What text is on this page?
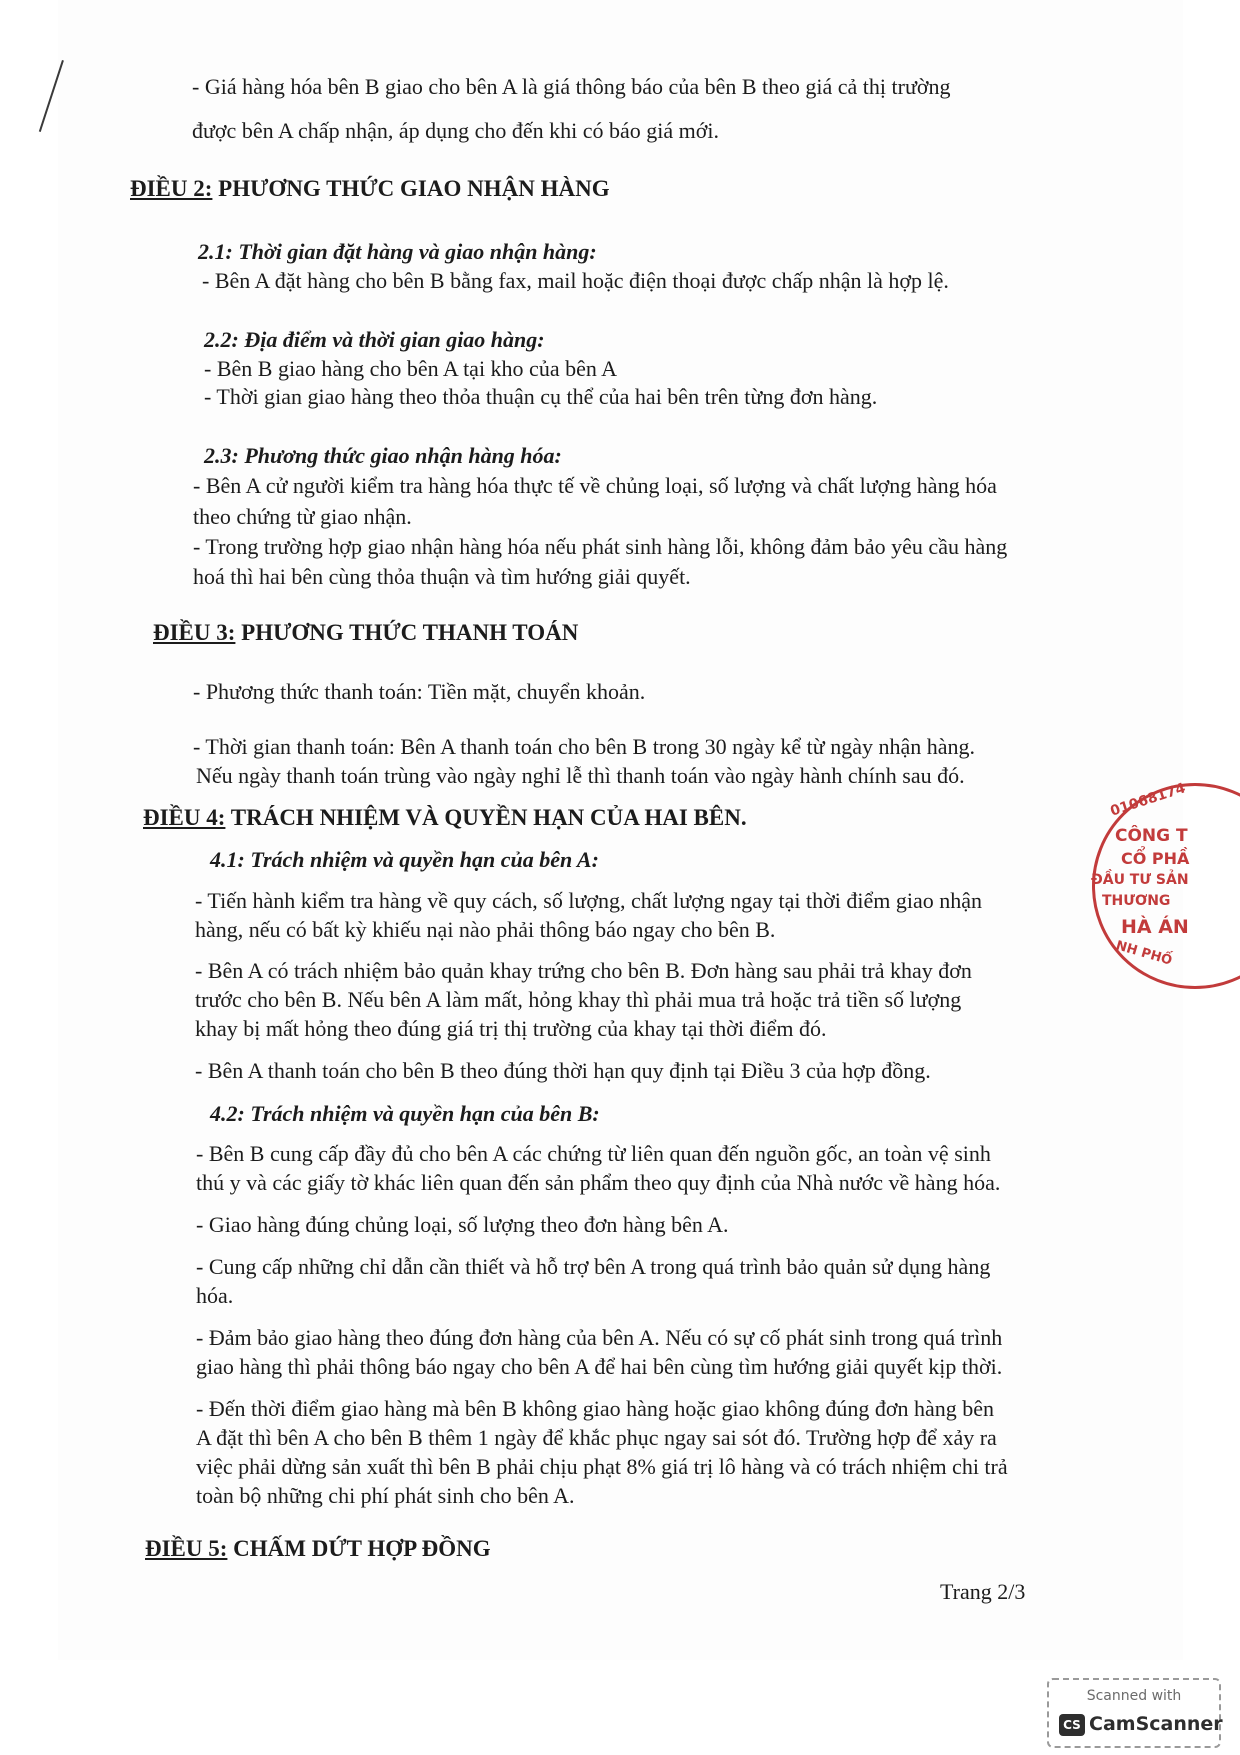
- Giá hàng hóa bên B giao cho bên A là giá thông báo của bên B theo giá cả thị trường
được bên A chấp nhận, áp dụng cho đến khi có báo giá mới.
ĐIỀU 2: PHƯƠNG THỨC GIAO NHẬN HÀNG
2.1: Thời gian đặt hàng và giao nhận hàng:
- Bên A đặt hàng cho bên B bằng fax, mail hoặc điện thoại được chấp nhận là hợp lệ.
2.2: Địa điểm và thời gian giao hàng:
- Bên B giao hàng cho bên A tại kho của bên A
- Thời gian giao hàng theo thỏa thuận cụ thể của hai bên trên từng đơn hàng.
2.3: Phương thức giao nhận hàng hóa:
- Bên A cử người kiểm tra hàng hóa thực tế về chủng loại, số lượng và chất lượng hàng hóa
theo chứng từ giao nhận.
- Trong trường hợp giao nhận hàng hóa nếu phát sinh hàng lỗi, không đảm bảo yêu cầu hàng
hoá thì hai bên cùng thỏa thuận và tìm hướng giải quyết.
ĐIỀU 3: PHƯƠNG THỨC THANH TOÁN
- Phương thức thanh toán: Tiền mặt, chuyển khoản.
- Thời gian thanh toán: Bên A thanh toán cho bên B trong 30 ngày kể từ ngày nhận hàng.
Nếu ngày thanh toán trùng vào ngày nghỉ lễ thì thanh toán vào ngày hành chính sau đó.
ĐIỀU 4: TRÁCH NHIỆM VÀ QUYỀN HẠN CỦA HAI BÊN.
4.1: Trách nhiệm và quyền hạn của bên A:
- Tiến hành kiểm tra hàng về quy cách, số lượng, chất lượng ngay tại thời điểm giao nhận
hàng, nếu có bất kỳ khiếu nại nào phải thông báo ngay cho bên B.
- Bên A có trách nhiệm bảo quản khay trứng cho bên B. Đơn hàng sau phải trả khay đơn
trước cho bên B. Nếu bên A làm mất, hỏng khay thì phải mua trả hoặc trả tiền số lượng
khay bị mất hỏng theo đúng giá trị thị trường của khay tại thời điểm đó.
- Bên A thanh toán cho bên B theo đúng thời hạn quy định tại Điều 3 của hợp đồng.
4.2: Trách nhiệm và quyền hạn của bên B:
- Bên B cung cấp đầy đủ cho bên A các chứng từ liên quan đến nguồn gốc, an toàn vệ sinh
thú y và các giấy tờ khác liên quan đến sản phẩm theo quy định của Nhà nước về hàng hóa.
- Giao hàng đúng chủng loại, số lượng theo đơn hàng bên A.
- Cung cấp những chỉ dẫn cần thiết và hỗ trợ bên A trong quá trình bảo quản sử dụng hàng
hóa.
- Đảm bảo giao hàng theo đúng đơn hàng của bên A. Nếu có sự cố phát sinh trong quá trình
giao hàng thì phải thông báo ngay cho bên A để hai bên cùng tìm hướng giải quyết kịp thời.
- Đến thời điểm giao hàng mà bên B không giao hàng hoặc giao không đúng đơn hàng bên
A đặt thì bên A cho bên B thêm 1 ngày để khắc phục ngay sai sót đó. Trường hợp để xảy ra
việc phải dừng sản xuất thì bên B phải chịu phạt 8% giá trị lô hàng và có trách nhiệm chi trả
toàn bộ những chi phí phát sinh cho bên A.
ĐIỀU 5: CHẤM DỨT HỢP ĐỒNG
Trang 2/3
01068174
CÔNG T
CỔ PHẦ
ĐẦU TƯ SẢN
THƯƠNG
HÀ ÁN
NH PHỐ
Scanned with
CS CamScanner
